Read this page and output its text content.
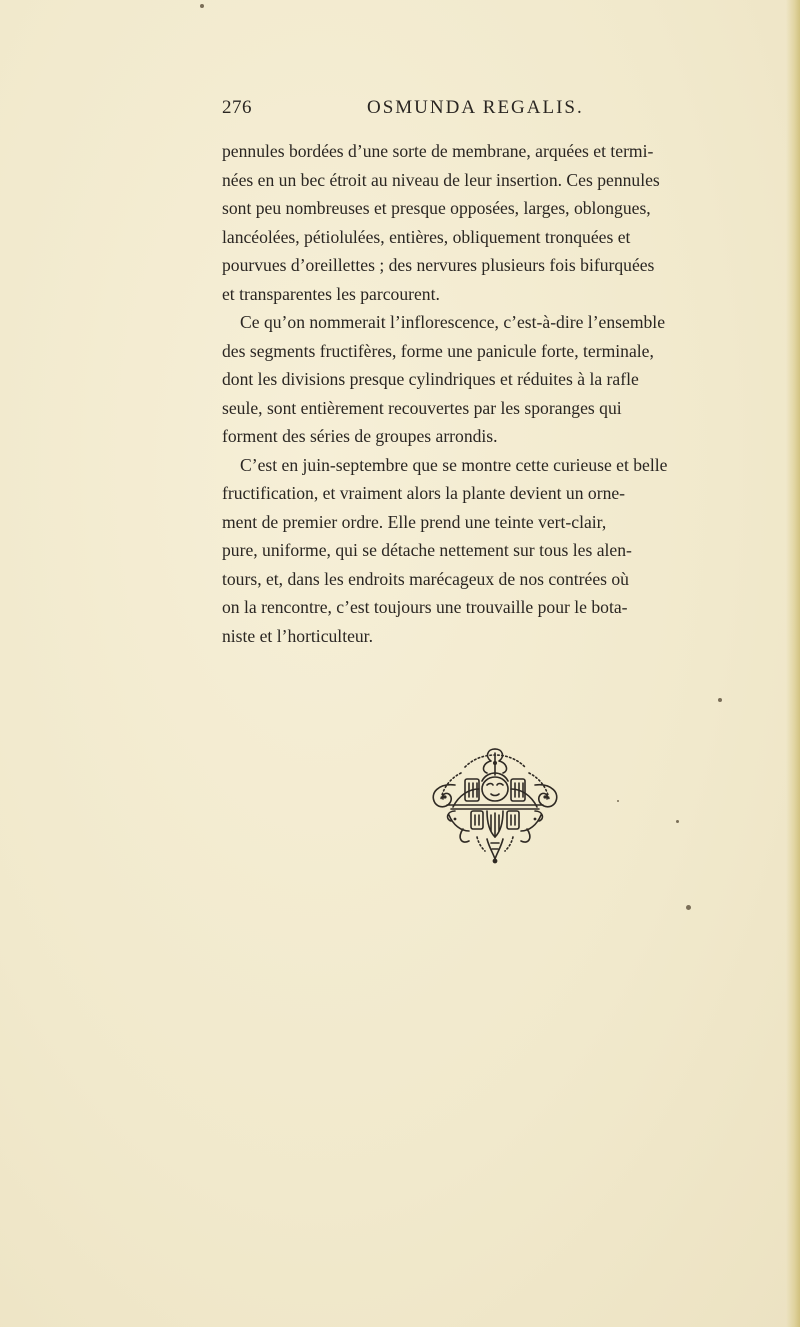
276	OSMUNDA REGALIS.
pennules bordées d’une sorte de membrane, arquées et termi-
nées en un bec étroit au niveau de leur insertion. Ces pennules
sont peu nombreuses et presque opposées, larges, oblongues,
lancéolées, pétiolulées, entières, obliquement tronquées et
pourvues d’oreillettes ; des nervures plusieurs fois bifurquées
et transparentes les parcourent.
Ce qu’on nommerait l’inflorescence, c’est-à-dire l’ensemble
des segments fructifères, forme une panicule forte, terminale,
dont les divisions presque cylindriques et réduites à la rafle
seule, sont entièrement recouvertes par les sporanges qui
forment des séries de groupes arrondis.
C’est en juin-septembre que se montre cette curieuse et belle
fructification, et vraiment alors la plante devient un orne-
ment de premier ordre. Elle prend une teinte vert-clair,
pure, uniforme, qui se détache nettement sur tous les alen-
tours, et, dans les endroits marécageux de nos contrées où
on la rencontre, c’est toujours une trouvaille pour le bota-
niste et l’horticulteur.
